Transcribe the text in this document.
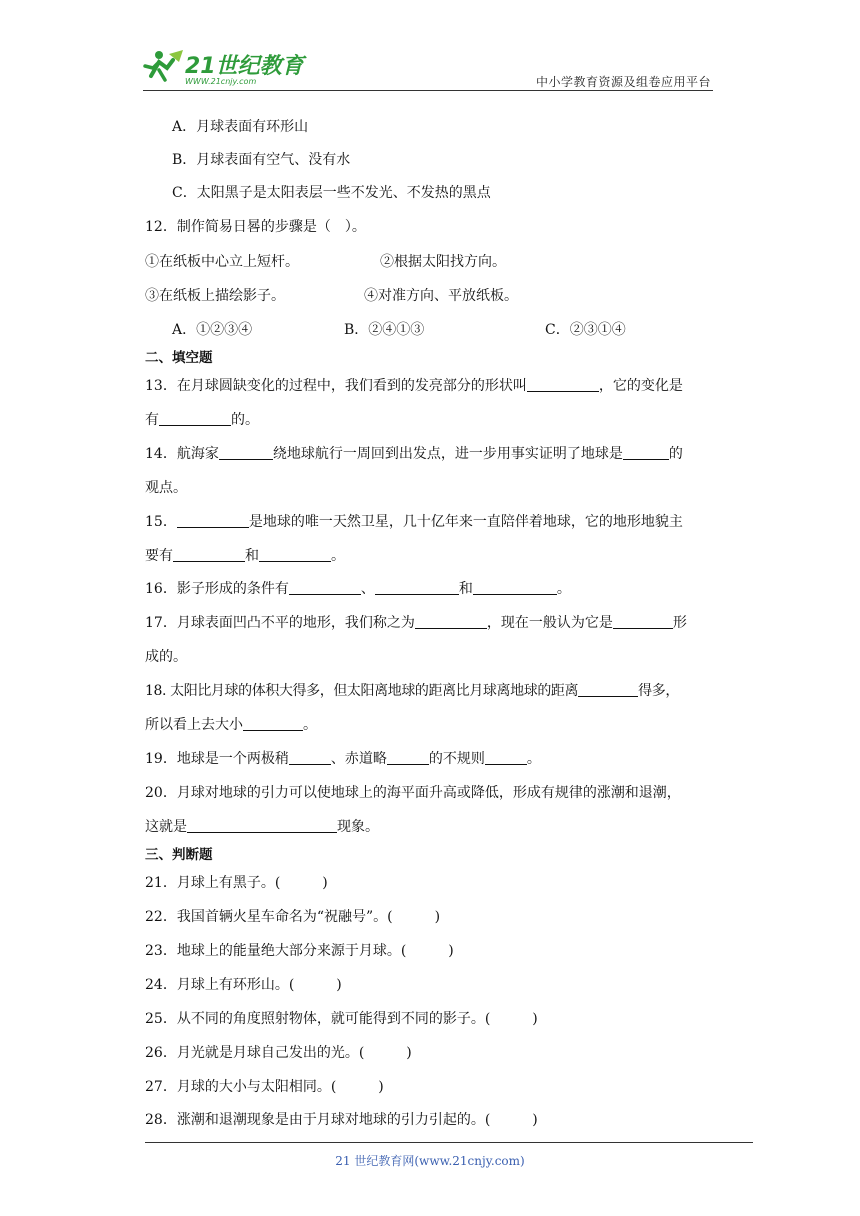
21世纪教育
WWW.21cnjy.com	中小学教育资源及组卷应用平台
A．月球表面有环形山
B．月球表面有空气、没有水
C．太阳黑子是太阳表层一些不发光、不发热的黑点
12．制作简易日晷的步骤是（　）。
①在纸板中心立上短杆。	②根据太阳找方向。
③在纸板上描绘影子。	④对准方向、平放纸板。
A．①②③④	B．②④①③	C．②③①④
二、填空题
13．在月球圆缺变化的过程中，我们看到的发亮部分的形状叫	，它的变化是
有	的。
14．航海家	绕地球航行一周回到出发点，进一步用事实证明了地球是	的
观点。
15．	是地球的唯一天然卫星，几十亿年来一直陪伴着地球，它的地形地貌主
要有	和	。
16．影子形成的条件有	、	和	。
17．月球表面凹凸不平的地形，我们称之为	，现在一般认为它是	形
成的。
18. 太阳比月球的体积大得多，但太阳离地球的距离比月球离地球的距离	得多，
所以看上去大小	。
19．地球是一个两极稍	、赤道略	的不规则	。
20．月球对地球的引力可以使地球上的海平面升高或降低，形成有规律的涨潮和退潮，
这就是	现象。
三、判断题
21．月球上有黑子。(　　　)
22．我国首辆火星车命名为“祝融号”。(　　　)
23．地球上的能量绝大部分来源于月球。(　　　)
24．月球上有环形山。(　　　)
25．从不同的角度照射物体，就可能得到不同的影子。(　　　)
26．月光就是月球自己发出的光。(　　　)
27．月球的大小与太阳相同。(　　　)
28．涨潮和退潮现象是由于月球对地球的引力引起的。(　　　)
21 世纪教育网(www.21cnjy.com)
